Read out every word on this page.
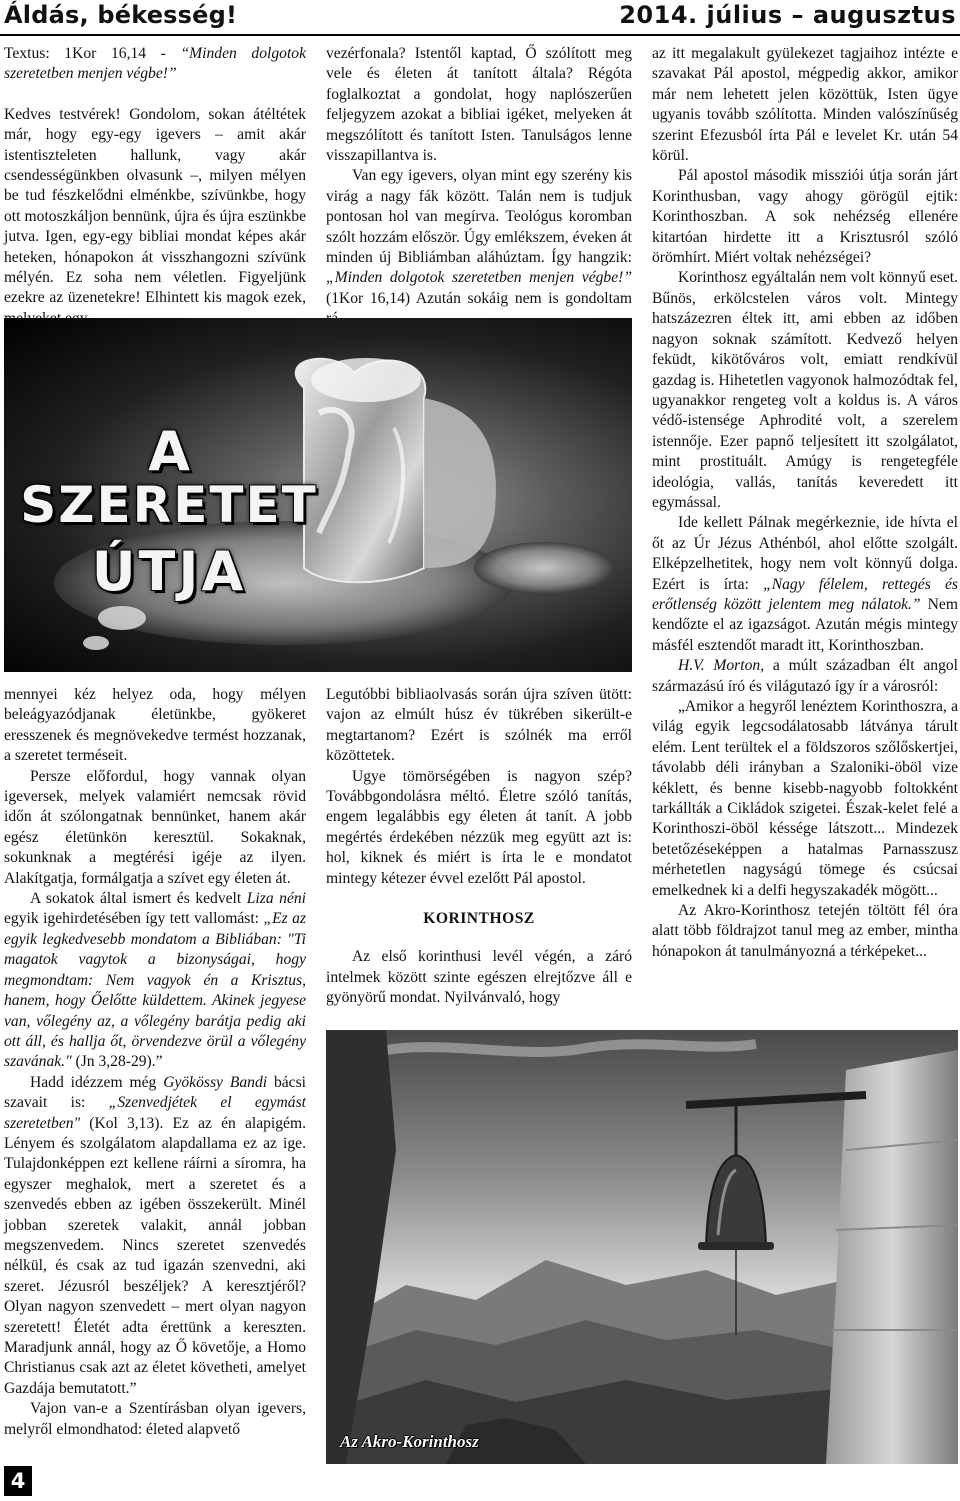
Áldás, békesség!	2014. július – augusztus

Textus: 1Kor 16,14 - “Minden dolgotok szeretetben menjen végbe!”

Kedves testvérek! Gondolom, sokan átéltétek már, hogy egy-egy igevers – amit akár istentiszteleten hallunk, vagy akár csendességünkben olvasunk –, milyen mélyen be tud fészkelődni elménkbe, szívünkbe, hogy ott motoszkáljon bennünk, újra és újra eszünkbe jutva. Igen, egy-egy bibliai mondat képes akár heteken, hónapokon át visszhangozni szívünk mélyén. Ez soha nem véletlen. Figyeljünk ezekre az üzenetekre! Elhintett kis magok ezek,

vezérfonala? Istentől kaptad, Ő szólított meg vele és életen át tanított általa? Régóta foglalkoztat a gondolat, hogy naplószerűen feljegyzem azokat a bibliai igéket, melyeken át megszólított és tanított Isten. Tanulságos lenne visszapillantva is.

Van egy igevers, olyan mint egy szerény kis virág a nagy fák között. Talán nem is tudjuk pontosan hol van megírva. Teológus koromban szólt hozzám először. Úgy emlékszem, éveken át minden új Bibliámban aláhúztam. Így hangzik: „Minden dolgotok szeretetben menjen végbe!” (1Kor 16,14) Azután sokáig nem is gondoltam

A
SZERETET
ÚTJA

mennyei kéz helyez oda, hogy mélyen beleágyazódjanak életünkbe, gyökeret eresszenek és megnövekedve termést hozzanak, a szeretet terméseit.

Persze előfordul, hogy vannak olyan igeversek, melyek valamiért nemcsak rövid időn át szólongatnak bennünket, hanem akár egész életünkön keresztül. Sokaknak, sokunknak a megtérési igéje az ilyen. Alakítgatja, formálgatja a szívet egy életen át.

A sokatok által ismert és kedvelt Liza néni egyik igehirdetésében így tett vallomást: „Ez az egyik legkedvesebb mondatom a Bibliában: "Ti magatok vagytok a bizonyságai, hogy megmondtam: Nem vagyok én a Krisztus, hanem, hogy Őelőtte küldettem. Akinek jegyese van, vőlegény az, a vőlegény barátja pedig aki ott áll, és hallja őt, örvendezve örül a vőlegény szavának." (Jn 3,28-29).”

Hadd idézzem még Gyökössy Bandi bácsi szavait is: „Szenvedjétek el egymást szeretetben" (Kol 3,13). Ez az én alapigém. Lényem és szolgálatom alapdallama ez az ige. Tulajdonképpen ezt kellene ráírni a síromra, ha egyszer meghalok, mert a szeretet és a szenvedés ebben az igében összekerült. Minél jobban szeretek valakit, annál jobban megszenvedem. Nincs szeretet szenvedés nélkül, és csak az tud igazán szenvedni, aki szeret. Jézusról beszéljek? A keresztjéről? Olyan nagyon szenvedett – mert olyan nagyon szeretett! Életét adta érettünk a kereszten. Maradjunk annál, hogy az Ő követője, a Homo Christianus csak azt az életet követheti, amelyet Gazdája bemutatott.”

Vajon van-e a Szentírásban olyan igevers, melyről elmondhatod: életed alapvető

Legutóbbi bibliaolvasás során újra szíven ütött: vajon az elmúlt húsz év tükrében sikerült-e megtartanom? Ezért is szólnék ma erről közöttetek.

Ugye tömörségében is nagyon szép? Továbbgondolásra méltó. Életre szóló tanítás, engem legalábbis egy életen át tanít. A jobb megértés érdekében nézzük meg együtt azt is: hol, kiknek és miért is írta le e mondatot mintegy kétezer évvel ezelőtt Pál apostol.

KORINTHOSZ

Az első korinthusi levél végén, a záró intelmek között szinte egészen elrejtőzve áll e gyönyörű mondat. Nyilvánvaló, hogy

az itt megalakult gyülekezet tagjaihoz intézte e szavakat Pál apostol, mégpedig akkor, amikor már nem lehetett jelen közöttük, Isten ügye ugyanis tovább szólította. Minden valószínűség szerint Efezusból írta Pál e levelet Kr. után 54 körül.

Pál apostol második missziói útja során járt Korinthusban, vagy ahogy görögül ejtik: Korinthoszban. A sok nehézség ellenére kitartóan hirdette itt a Krisztusról szóló örömhírt. Miért voltak nehézségei?

Korinthosz egyáltalán nem volt könnyű eset. Bűnös, erkölcstelen város volt. Mintegy hatszázezren éltek itt, ami ebben az időben nagyon soknak számított. Kedvező helyen feküdt, kikötőváros volt, emiatt rendkívül gazdag is. Hihetetlen vagyonok halmozódtak fel, ugyanakkor rengeteg volt a koldus is. A város védő-istensége Aphrodité volt, a szerelem istennője. Ezer papnő teljesített itt szolgálatot, mint prostituált. Amúgy is rengetegféle ideológia, vallás, tanítás keveredett itt egymással.

Ide kellett Pálnak megérkeznie, ide hívta el őt az Úr Jézus Athénból, ahol előtte szolgált. Elképzelhetitek, hogy nem volt könnyű dolga. Ezért is írta: „Nagy félelem, rettegés és erőtlenség között jelentem meg nálatok.” Nem kendőzte el az igazságot. Azután mégis mintegy másfél esztendőt maradt itt, Korinthoszban.

H.V. Morton, a múlt században élt angol származású író és világutazó így ír a városról:

„Amikor a hegyről lenéztem Korinthoszra, a világ egyik legcsodálatosabb látványa tárult elém. Lent terültek el a földszoros szőlőskertjei, távolabb déli irányban a Szaloniki-öböl vize kéklett, és benne kisebb-nagyobb foltokként tarkállták a Cikládok szigetei. Észak-kelet felé a Korinthoszi-öböl késsége látszott... Mindezek betetőzéseképpen a hatalmas Parnasszusz mérhetetlen nagyságú tömege és csúcsai emelkednek ki a delfi hegyszakadék mögött...

Az Akro-Korinthosz tetején töltött fél óra alatt több földrajzot tanul meg az ember, mintha hónapokon át tanulmányozná a térképeket...

Az Akro-Korinthosz
4
